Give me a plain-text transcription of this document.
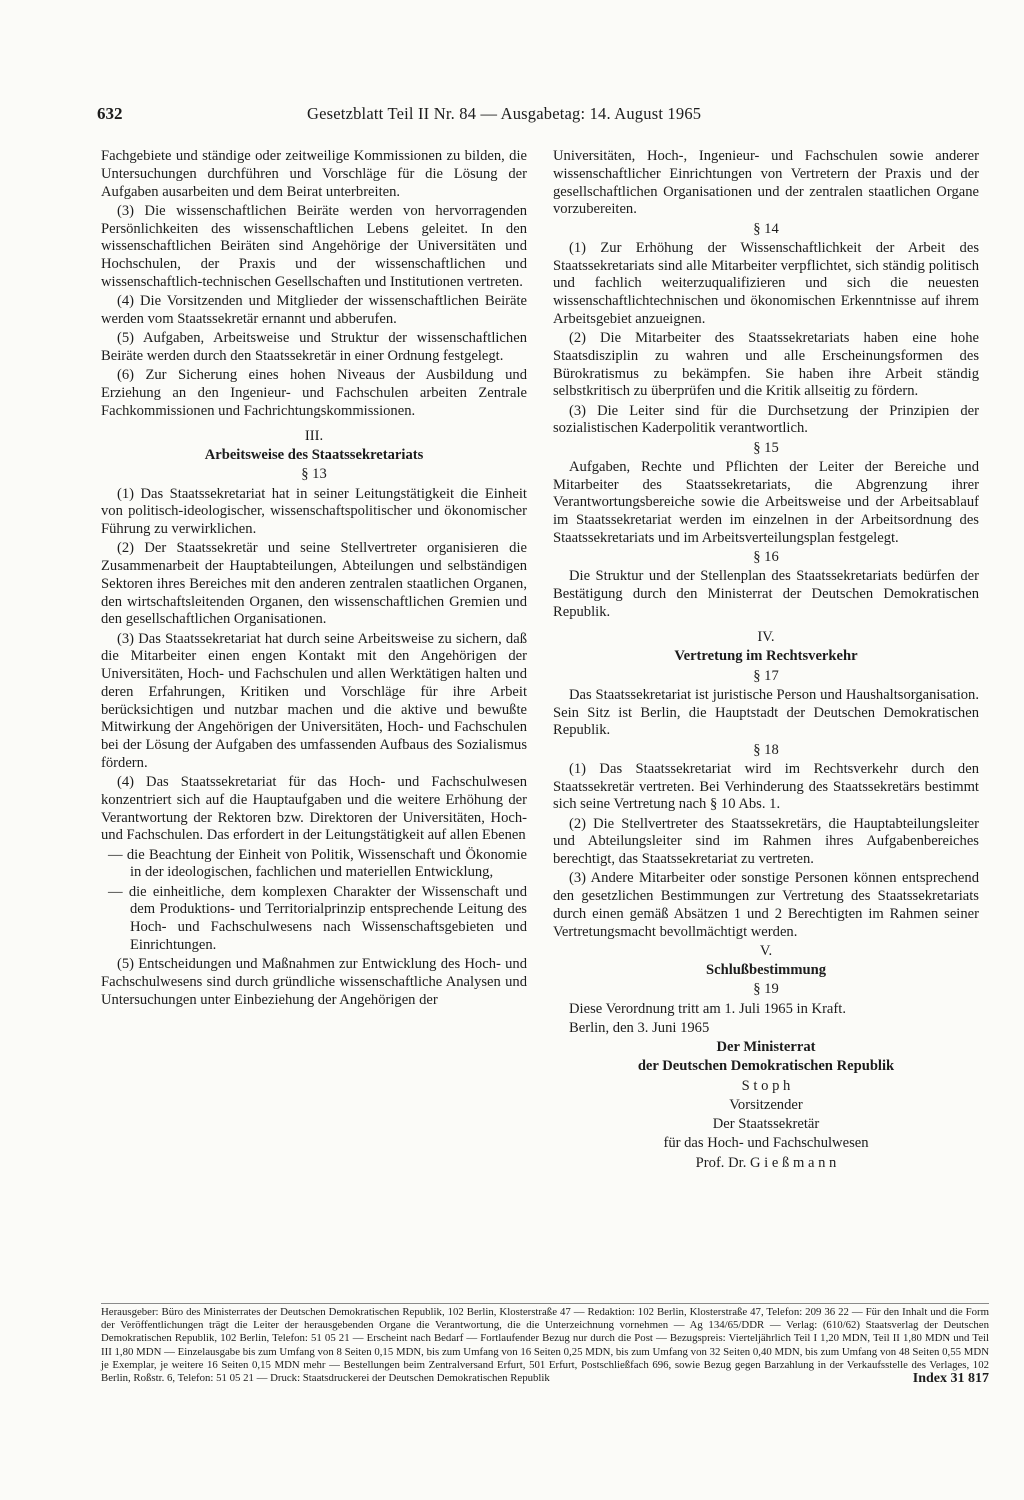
632	Gesetzblatt Teil II Nr. 84 — Ausgabetag: 14. August 1965

Fachgebiete und ständige oder zeitweilige Kommissionen zu bilden, die Untersuchungen durchführen und Vorschläge für die Lösung der Aufgaben ausarbeiten und dem Beirat unterbreiten.

(3) Die wissenschaftlichen Beiräte werden von hervorragenden Persönlichkeiten des wissenschaftlichen Lebens geleitet. In den wissenschaftlichen Beiräten sind Angehörige der Universitäten und Hochschulen, der Praxis und der wissenschaftlichen und wissenschaftlich-technischen Gesellschaften und Institutionen vertreten.

(4) Die Vorsitzenden und Mitglieder der wissenschaftlichen Beiräte werden vom Staatssekretär ernannt und abberufen.

(5) Aufgaben, Arbeitsweise und Struktur der wissenschaftlichen Beiräte werden durch den Staatssekretär in einer Ordnung festgelegt.

(6) Zur Sicherung eines hohen Niveaus der Ausbildung und Erziehung an den Ingenieur- und Fachschulen arbeiten Zentrale Fachkommissionen und Fachrichtungskommissionen.

III.

Arbeitsweise des Staatssekretariats

§ 13

(1) Das Staatssekretariat hat in seiner Leitungstätigkeit die Einheit von politisch-ideologischer, wissenschaftspolitischer und ökonomischer Führung zu verwirklichen.

(2) Der Staatssekretär und seine Stellvertreter organisieren die Zusammenarbeit der Hauptabteilungen, Abteilungen und selbständigen Sektoren ihres Bereiches mit den anderen zentralen staatlichen Organen, den wirtschaftsleitenden Organen, den wissenschaftlichen Gremien und den gesellschaftlichen Organisationen.

(3) Das Staatssekretariat hat durch seine Arbeitsweise zu sichern, daß die Mitarbeiter einen engen Kontakt mit den Angehörigen der Universitäten, Hoch- und Fachschulen und allen Werktätigen halten und deren Erfahrungen, Kritiken und Vorschläge für ihre Arbeit berücksichtigen und nutzbar machen und die aktive und bewußte Mitwirkung der Angehörigen der Universitäten, Hoch- und Fachschulen bei der Lösung der Aufgaben des umfassenden Aufbaus des Sozialismus fördern.

(4) Das Staatssekretariat für das Hoch- und Fachschulwesen konzentriert sich auf die Hauptaufgaben und die weitere Erhöhung der Verantwortung der Rektoren bzw. Direktoren der Universitäten, Hoch- und Fachschulen. Das erfordert in der Leitungstätigkeit auf allen Ebenen

— die Beachtung der Einheit von Politik, Wissenschaft und Ökonomie in der ideologischen, fachlichen und materiellen Entwicklung,

— die einheitliche, dem komplexen Charakter der Wissenschaft und dem Produktions- und Territorialprinzip entsprechende Leitung des Hoch- und Fachschulwesens nach Wissenschaftsgebieten und Einrichtungen.

(5) Entscheidungen und Maßnahmen zur Entwicklung des Hoch- und Fachschulwesens sind durch gründliche wissenschaftliche Analysen und Untersuchungen unter Einbeziehung der Angehörigen der

Universitäten, Hoch-, Ingenieur- und Fachschulen sowie anderer wissenschaftlicher Einrichtungen von Vertretern der Praxis und der gesellschaftlichen Organisationen und der zentralen staatlichen Organe vorzubereiten.

§ 14

(1) Zur Erhöhung der Wissenschaftlichkeit der Arbeit des Staatssekretariats sind alle Mitarbeiter verpflichtet, sich ständig politisch und fachlich weiterzuqualifizieren und sich die neuesten wissenschaftlichtechnischen und ökonomischen Erkenntnisse auf ihrem Arbeitsgebiet anzueignen.

(2) Die Mitarbeiter des Staatssekretariats haben eine hohe Staatsdisziplin zu wahren und alle Erscheinungsformen des Bürokratismus zu bekämpfen. Sie haben ihre Arbeit ständig selbstkritisch zu überprüfen und die Kritik allseitig zu fördern.

(3) Die Leiter sind für die Durchsetzung der Prinzipien der sozialistischen Kaderpolitik verantwortlich.

§ 15

Aufgaben, Rechte und Pflichten der Leiter der Bereiche und Mitarbeiter des Staatssekretariats, die Abgrenzung ihrer Verantwortungsbereiche sowie die Arbeitsweise und der Arbeitsablauf im Staatssekretariat werden im einzelnen in der Arbeitsordnung des Staatssekretariats und im Arbeitsverteilungsplan festgelegt.

§ 16

Die Struktur und der Stellenplan des Staatssekretariats bedürfen der Bestätigung durch den Ministerrat der Deutschen Demokratischen Republik.

IV.

Vertretung im Rechtsverkehr

§ 17

Das Staatssekretariat ist juristische Person und Haushaltsorganisation. Sein Sitz ist Berlin, die Hauptstadt der Deutschen Demokratischen Republik.

§ 18

(1) Das Staatssekretariat wird im Rechtsverkehr durch den Staatssekretär vertreten. Bei Verhinderung des Staatssekretärs bestimmt sich seine Vertretung nach § 10 Abs. 1.

(2) Die Stellvertreter des Staatssekretärs, die Hauptabteilungsleiter und Abteilungsleiter sind im Rahmen ihres Aufgabenbereiches berechtigt, das Staatssekretariat zu vertreten.

(3) Andere Mitarbeiter oder sonstige Personen können entsprechend den gesetzlichen Bestimmungen zur Vertretung des Staatssekretariats durch einen gemäß Absätzen 1 und 2 Berechtigten im Rahmen seiner Vertretungsmacht bevollmächtigt werden.

V.

Schlußbestimmung

§ 19

Diese Verordnung tritt am 1. Juli 1965 in Kraft.

Berlin, den 3. Juni 1965

Der Ministerrat

der Deutschen Demokratischen Republik

S t o p h

Vorsitzender

Der Staatssekretär

für das Hoch- und Fachschulwesen

Prof. Dr. G i e ß m a n n

Herausgeber: Büro des Ministerrates der Deutschen Demokratischen Republik, 102 Berlin, Klosterstraße 47 — Redaktion: 102 Berlin, Klosterstraße 47, Telefon: 209 36 22 — Für den Inhalt und die Form der Veröffentlichungen trägt die Leiter der herausgebenden Organe die Verantwortung, die die Unterzeichnung vornehmen — Ag 134/65/DDR — Verlag: (610/62) Staatsverlag der Deutschen Demokratischen Republik, 102 Berlin, Telefon: 51 05 21 — Erscheint nach Bedarf — Fortlaufender Bezug nur durch die Post — Bezugspreis: Vierteljährlich Teil I 1,20 MDN, Teil II 1,80 MDN und Teil III 1,80 MDN — Einzelausgabe bis zum Umfang von 8 Seiten 0,15 MDN, bis zum Umfang von 16 Seiten 0,25 MDN, bis zum Umfang von 32 Seiten 0,40 MDN, bis zum Umfang von 48 Seiten 0,55 MDN je Exemplar, je weitere 16 Seiten 0,15 MDN mehr — Bestellungen beim Zentralversand Erfurt, 501 Erfurt, Postschließfach 696, sowie Bezug gegen Barzahlung in der Verkaufsstelle des Verlages, 102 Berlin, Roßstr. 6, Telefon: 51 05 21 — Druck: Staatsdruckerei der Deutschen Demokratischen Republik	Index 31 817
